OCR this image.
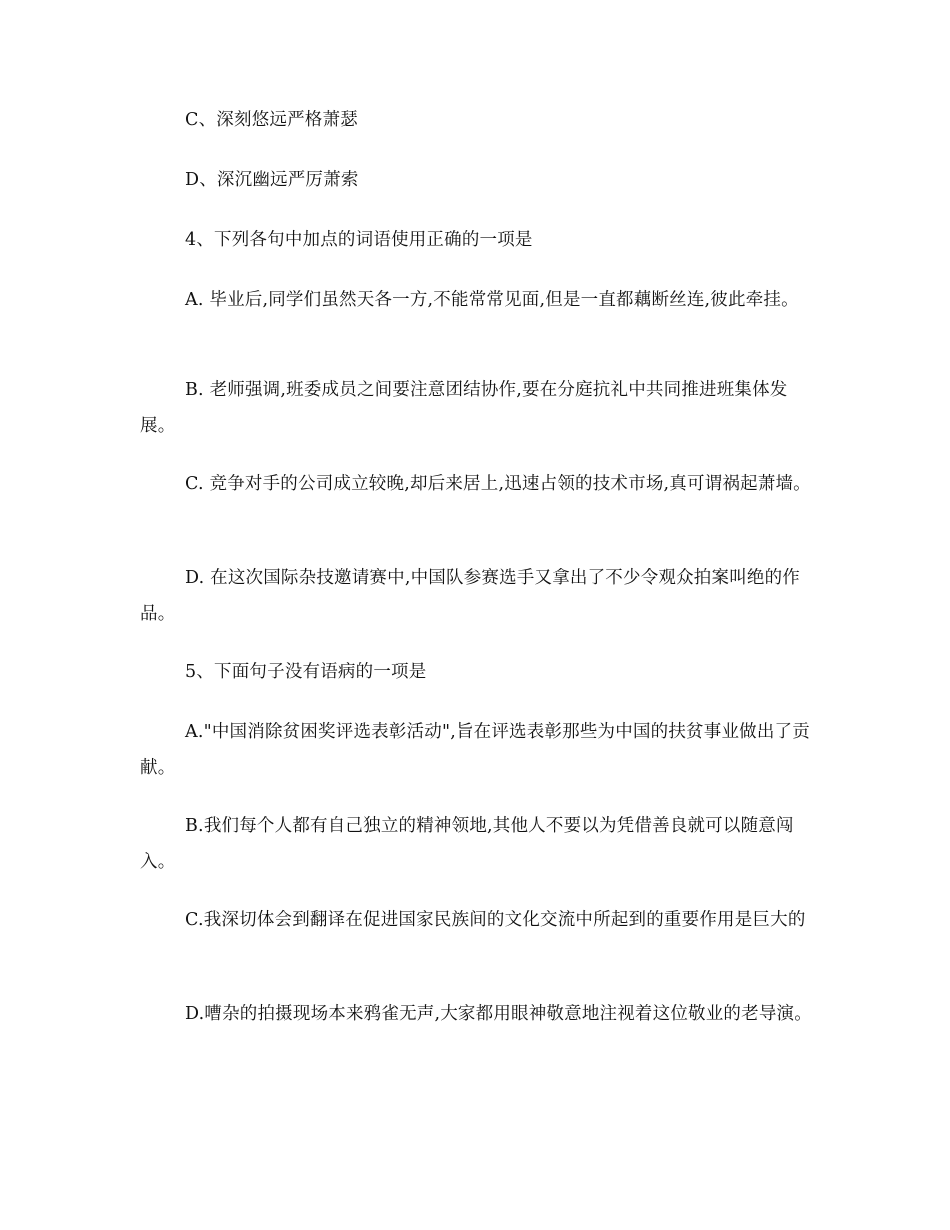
C、深刻悠远严格萧瑟

D、深沉幽远严厉萧索

4、下列各句中加点的词语使用正确的一项是

A. 毕业后,同学们虽然天各一方,不能常常见面,但是一直都藕断丝连,彼此牵挂。

B. 老师强调,班委成员之间要注意团结协作,要在分庭抗礼中共同推进班集体发展。

C. 竞争对手的公司成立较晚,却后来居上,迅速占领的技术市场,真可谓祸起萧墙。

D. 在这次国际杂技邀请赛中,中国队参赛选手又拿出了不少令观众拍案叫绝的作品。

5、下面句子没有语病的一项是

A."中国消除贫困奖评选表彰活动",旨在评选表彰那些为中国的扶贫事业做出了贡献。

B.我们每个人都有自己独立的精神领地,其他人不要以为凭借善良就可以随意闯入。

C.我深切体会到翻译在促进国家民族间的文化交流中所起到的重要作用是巨大的

D.嘈杂的拍摄现场本来鸦雀无声,大家都用眼神敬意地注视着这位敬业的老导演。
